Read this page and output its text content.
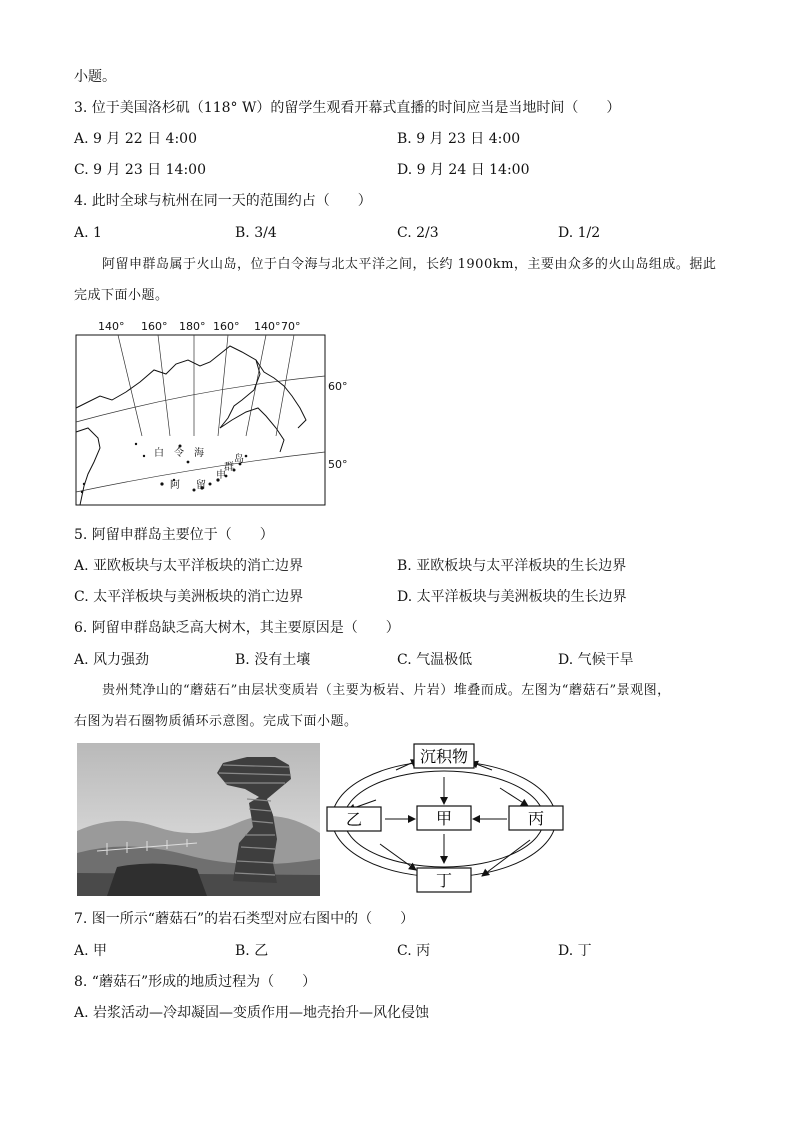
小题。
3. 位于美国洛杉矶（118° W）的留学生观看开幕式直播的时间应当是当地时间（　　）
A. 9 月 22 日 4:00	B. 9 月 23 日 4:00
C. 9 月 23 日 14:00	D. 9 月 24 日 14:00
4. 此时全球与杭州在同一天的范围约占（　　）
A. 1	B. 3/4	C. 2/3	D. 1/2
阿留申群岛属于火山岛，位于白令海与北太平洋之间，长约 1900km，主要由众多的火山岛组成。据此
完成下面小题。
140° 160° 180° 160° 140° 70°
60°
50°
白 令 海
阿 留
申
群
岛
5. 阿留申群岛主要位于（　　）
A. 亚欧板块与太平洋板块的消亡边界	B. 亚欧板块与太平洋板块的生长边界
C. 太平洋板块与美洲板块的消亡边界	D. 太平洋板块与美洲板块的生长边界
6. 阿留申群岛缺乏高大树木，其主要原因是（　　）
A. 风力强劲	B. 没有土壤	C. 气温极低	D. 气候干旱
贵州梵净山的“蘑菇石”由层状变质岩（主要为板岩、片岩）堆叠而成。左图为“蘑菇石”景观图，
右图为岩石圈物质循环示意图。完成下面小题。
沉积物
乙	甲	丙
丁
7. 图一所示“蘑菇石”的岩石类型对应右图中的（　　）
A. 甲	B. 乙	C. 丙	D. 丁
8. “蘑菇石”形成的地质过程为（　　）
A. 岩浆活动—冷却凝固—变质作用—地壳抬升—风化侵蚀
